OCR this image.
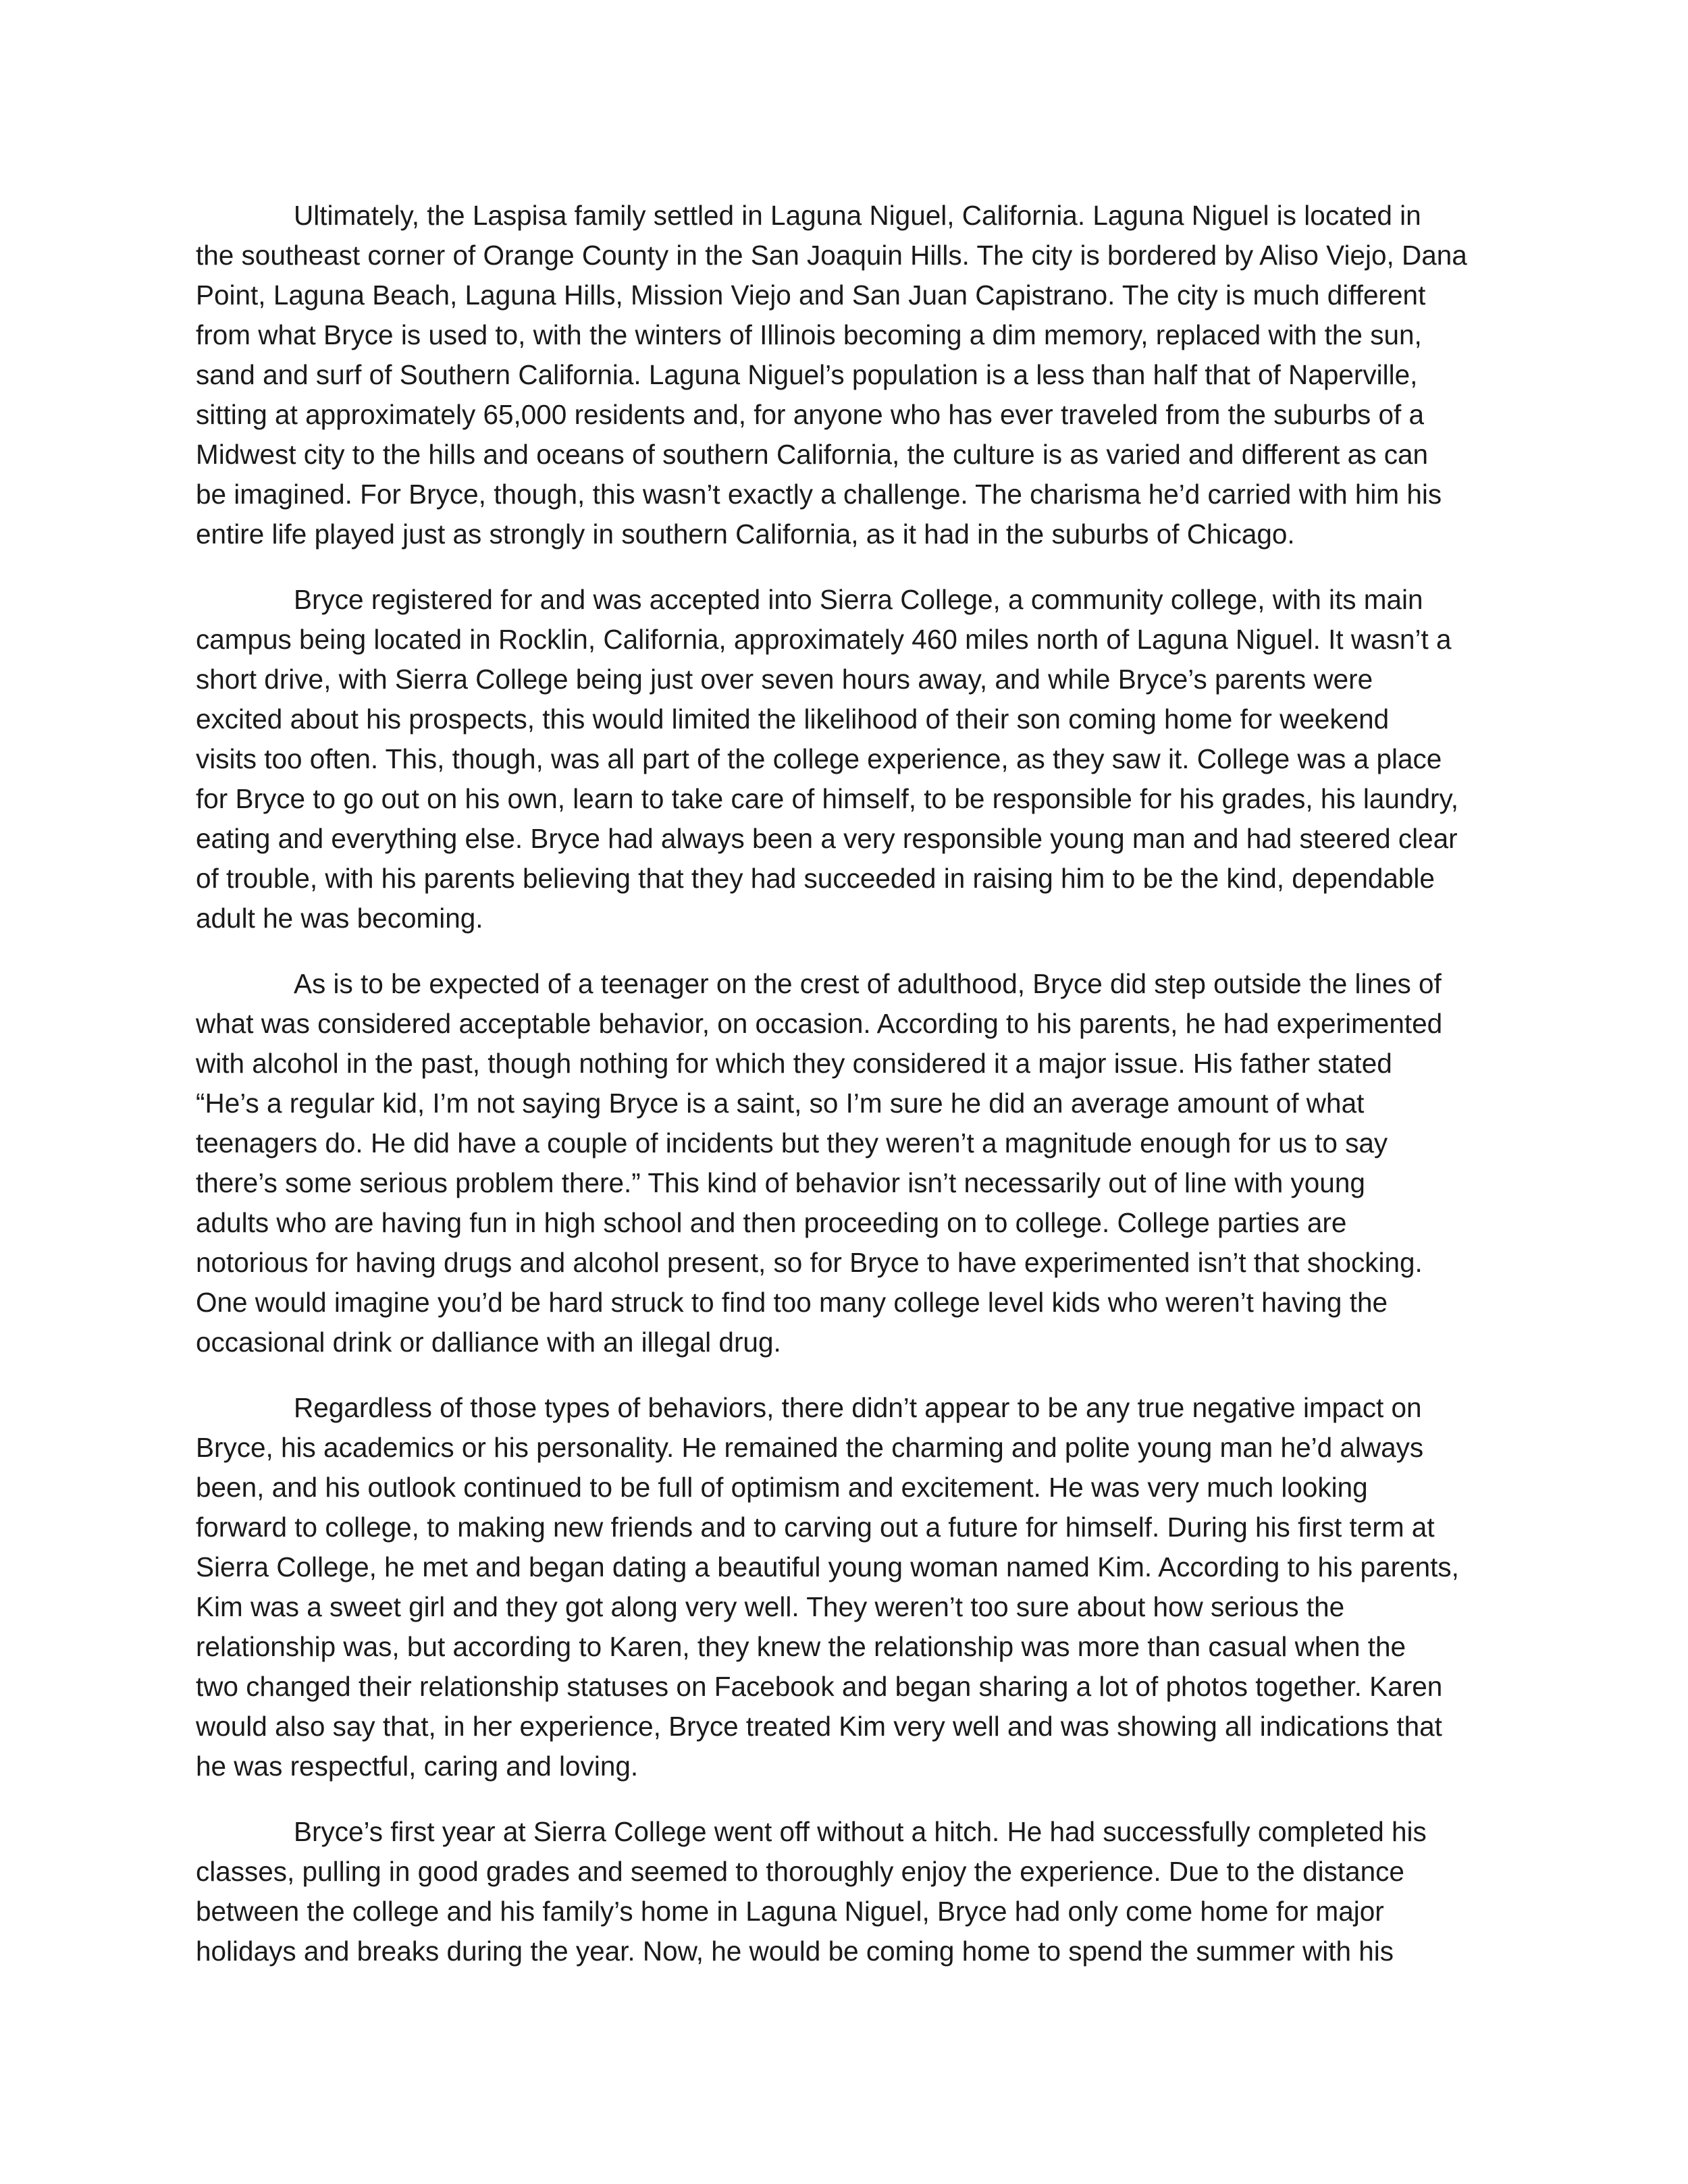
Ultimately, the Laspisa family settled in Laguna Niguel, California. Laguna Niguel is located in
the southeast corner of Orange County in the San Joaquin Hills. The city is bordered by Aliso Viejo, Dana
Point, Laguna Beach, Laguna Hills, Mission Viejo and San Juan Capistrano. The city is much different
from what Bryce is used to, with the winters of Illinois becoming a dim memory, replaced with the sun,
sand and surf of Southern California. Laguna Niguel’s population is a less than half that of Naperville,
sitting at approximately 65,000 residents and, for anyone who has ever traveled from the suburbs of a
Midwest city to the hills and oceans of southern California, the culture is as varied and different as can
be imagined. For Bryce, though, this wasn’t exactly a challenge. The charisma he’d carried with him his
entire life played just as strongly in southern California, as it had in the suburbs of Chicago.

Bryce registered for and was accepted into Sierra College, a community college, with its main
campus being located in Rocklin, California, approximately 460 miles north of Laguna Niguel. It wasn’t a
short drive, with Sierra College being just over seven hours away, and while Bryce’s parents were
excited about his prospects, this would limited the likelihood of their son coming home for weekend
visits too often. This, though, was all part of the college experience, as they saw it. College was a place
for Bryce to go out on his own, learn to take care of himself, to be responsible for his grades, his laundry,
eating and everything else. Bryce had always been a very responsible young man and had steered clear
of trouble, with his parents believing that they had succeeded in raising him to be the kind, dependable
adult he was becoming.

As is to be expected of a teenager on the crest of adulthood, Bryce did step outside the lines of
what was considered acceptable behavior, on occasion. According to his parents, he had experimented
with alcohol in the past, though nothing for which they considered it a major issue. His father stated
“He’s a regular kid, I’m not saying Bryce is a saint, so I’m sure he did an average amount of what
teenagers do. He did have a couple of incidents but they weren’t a magnitude enough for us to say
there’s some serious problem there.” This kind of behavior isn’t necessarily out of line with young
adults who are having fun in high school and then proceeding on to college. College parties are
notorious for having drugs and alcohol present, so for Bryce to have experimented isn’t that shocking.
One would imagine you’d be hard struck to find too many college level kids who weren’t having the
occasional drink or dalliance with an illegal drug.

Regardless of those types of behaviors, there didn’t appear to be any true negative impact on
Bryce, his academics or his personality. He remained the charming and polite young man he’d always
been, and his outlook continued to be full of optimism and excitement. He was very much looking
forward to college, to making new friends and to carving out a future for himself. During his first term at
Sierra College, he met and began dating a beautiful young woman named Kim. According to his parents,
Kim was a sweet girl and they got along very well. They weren’t too sure about how serious the
relationship was, but according to Karen, they knew the relationship was more than casual when the
two changed their relationship statuses on Facebook and began sharing a lot of photos together. Karen
would also say that, in her experience, Bryce treated Kim very well and was showing all indications that
he was respectful, caring and loving.

Bryce’s first year at Sierra College went off without a hitch. He had successfully completed his
classes, pulling in good grades and seemed to thoroughly enjoy the experience. Due to the distance
between the college and his family’s home in Laguna Niguel, Bryce had only come home for major
holidays and breaks during the year. Now, he would be coming home to spend the summer with his
